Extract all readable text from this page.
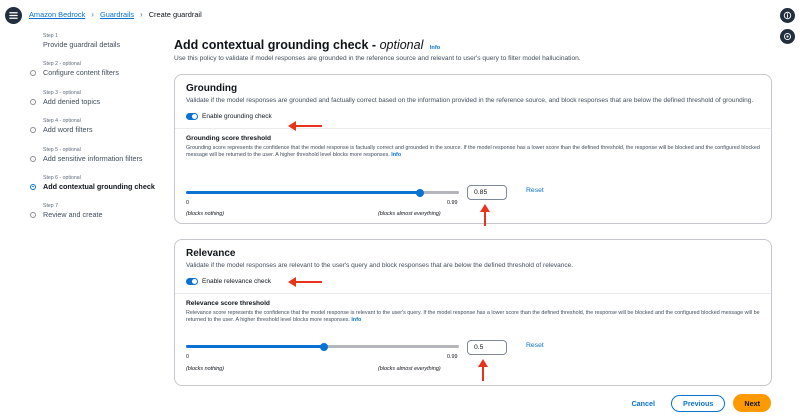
Amazon Bedrock › Guardrails › Create guardrail
Step 1
Provide guardrail details
Step 2 - optional
Configure content filters
Step 3 - optional
Add denied topics
Step 4 - optional
Add word filters
Step 5 - optional
Add sensitive information filters
Step 6 - optional
Add contextual grounding check
Step 7
Review and create
Add contextual grounding check - optional Info
Use this policy to validate if model responses are grounded in the reference source and relevant to user's query to filter model hallucination.
Grounding
Validate if the model responses are grounded and factually correct based on the information provided in the reference source, and block responses that are below the defined threshold of grounding.
Enable grounding check
Grounding score threshold
Grounding score represents the confidence that the model response is factually correct and grounded in the source. If the model response has a lower score than the defined threshold, the response will be blocked and the configured blocked message will be returned to the user. A higher threshold level blocks more responses. Info
0	0.99
(blocks nothing)	(blocks almost everything)
0.85	Reset
Relevance
Validate if the model responses are relevant to the user's query and block responses that are below the defined threshold of relevance.
Enable relevance check
Relevance score threshold
Relevance score represents the confidence that the model response is relevant to the user's query. If the model response has a lower score than the defined threshold, the response will be blocked and the configured blocked message will be returned to the user. A higher threshold level blocks more responses. Info
0	0.99
(blocks nothing)	(blocks almost everything)
0.5	Reset
Cancel	Previous	Next
